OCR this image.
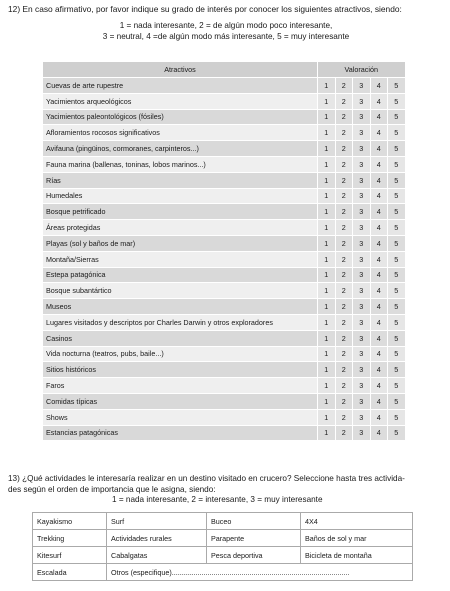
12) En caso afirmativo, por favor indique su grado de interés por conocer los siguientes atractivos, siendo:
1 = nada interesante, 2 = de algún modo poco interesante,
3 = neutral, 4 =de algún modo más interesante, 5 = muy interesante
Atractivos	Valoración				
Cuevas de arte rupestre	1	2	3	4	5
Yacimientos arqueológicos	1	2	3	4	5
Yacimientos paleontológicos (fósiles)	1	2	3	4	5
Afloramientos rocosos significativos	1	2	3	4	5
Avifauna (pingüinos, cormoranes, carpinteros...)	1	2	3	4	5
Fauna marina (ballenas, toninas, lobos marinos...)	1	2	3	4	5
Rías	1	2	3	4	5
Humedales	1	2	3	4	5
Bosque petrificado	1	2	3	4	5
Áreas protegidas	1	2	3	4	5
Playas (sol y baños de mar)	1	2	3	4	5
Montaña/Sierras	1	2	3	4	5
Estepa patagónica	1	2	3	4	5
Bosque subantártico	1	2	3	4	5
Museos	1	2	3	4	5
Lugares visitados y descriptos por Charles Darwin y otros exploradores	1	2	3	4	5
Casinos	1	2	3	4	5
Vida nocturna (teatros, pubs, baile...)	1	2	3	4	5
Sitios históricos	1	2	3	4	5
Faros	1	2	3	4	5
Comidas típicas	1	2	3	4	5
Shows	1	2	3	4	5
Estancias patagónicas	1	2	3	4	5
13) ¿Qué actividades le interesaría realizar en un destino visitado en crucero? Seleccione hasta tres activida-
des según el orden de importancia que le asigna, siendo:
1 = nada interesante, 2 = interesante, 3 = muy interesante
Kayakismo	Surf	Buceo	4X4
Trekking	Actividades rurales	Parapente	Baños de sol y mar
Kitesurf	Cabalgatas	Pesca deportiva	Bicicleta de montaña
Escalada	Otros (especifique).........................................................................................		
